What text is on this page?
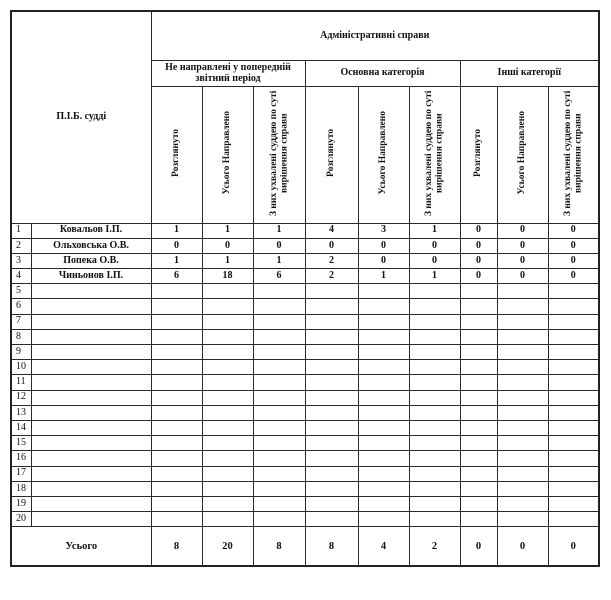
П.І.Б. судді		Адміністративні справи								
		Не направлені у попередній звітний період			Основна категорія			Інші категорії		
		Розглянуто	Усього Направлено	З них ухвалені суддею по суті вирішення справи	Розглянуто	Усього Направлено	З них ухвалені суддею по суті вирішення справи	Розглянуто	Усього Направлено	З них ухвалені суддею по суті вирішення справи
1	Ковальов І.П.	1	1	1	4	3	1	0	0	0
2	Ольховська О.В.	0	0	0	0	0	0	0	0	0
3	Попека О.В.	1	1	1	2	0	0	0	0	0
4	Чиньонов І.П.	6	18	6	2	1	1	0	0	0
5										
6										
7										
8										
9										
10										
11										
12										
13										
14										
15										
16										
17										
18										
19										
20										
Усього		8	20	8	8	4	2	0	0	0
